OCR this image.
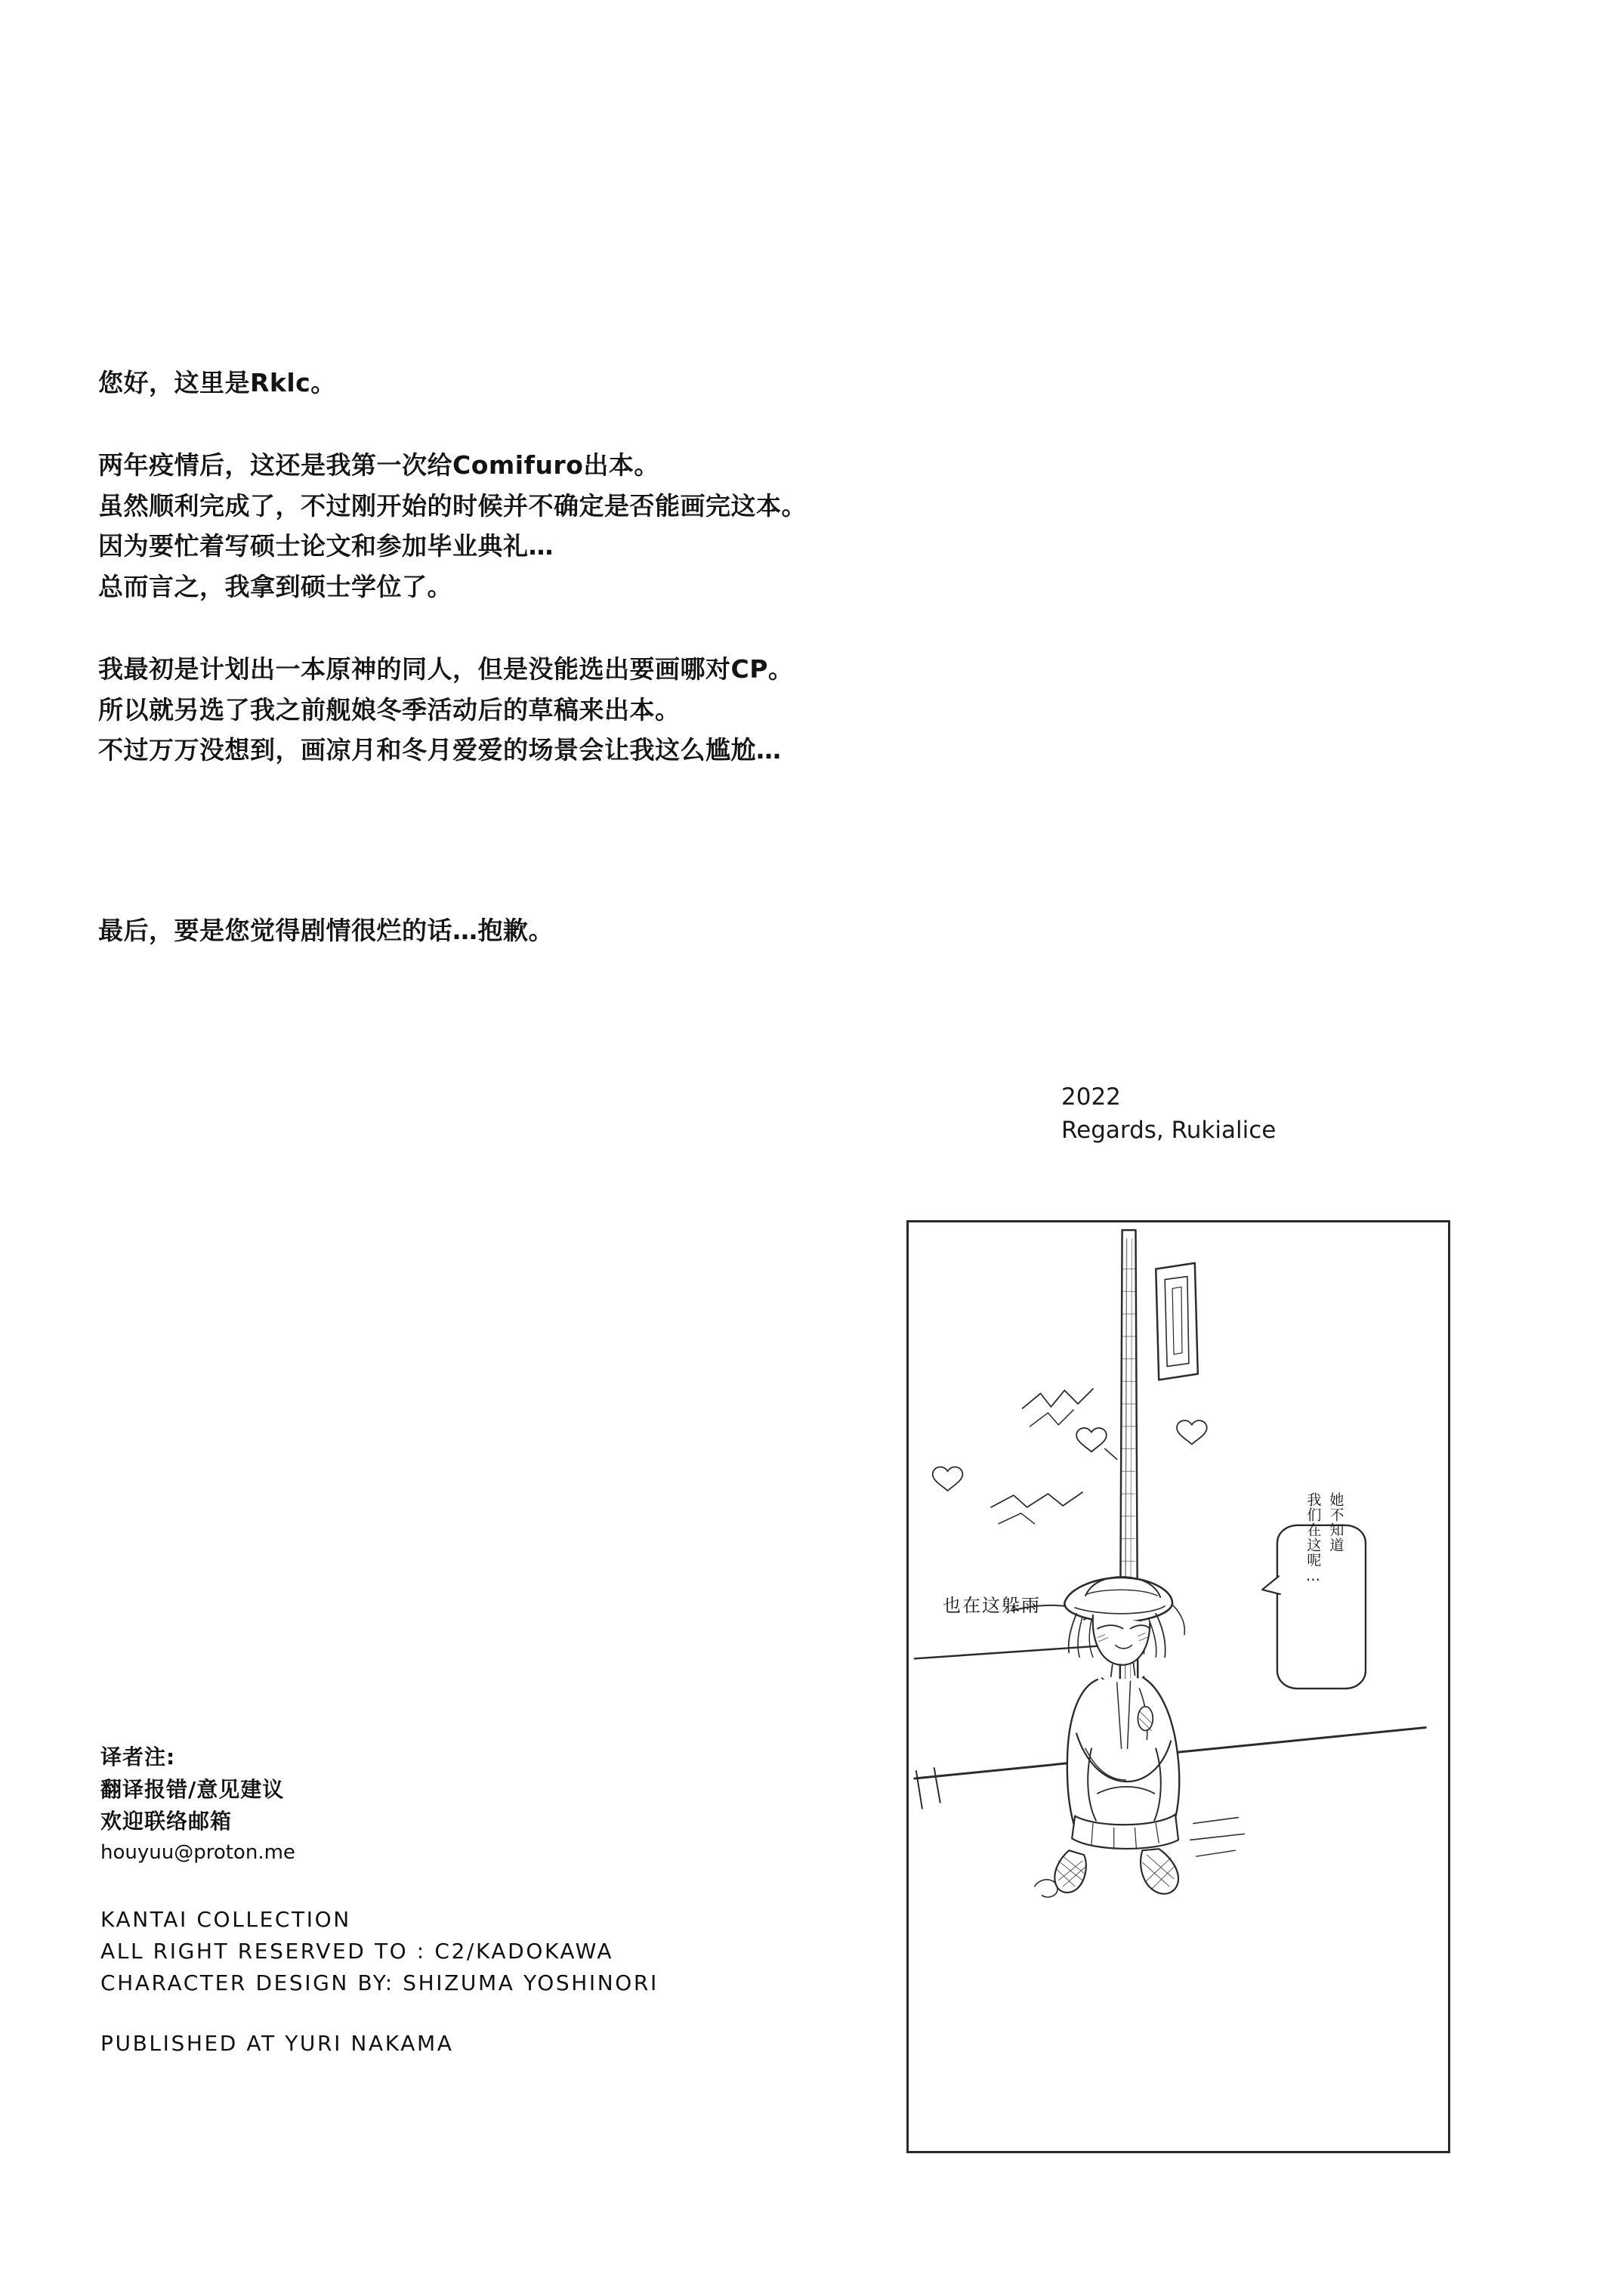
您好，这里是Rklc。

两年疫情后，这还是我第一次给Comifuro出本。

虽然顺利完成了，不过刚开始的时候并不确定是否能画完这本。

因为要忙着写硕士论文和参加毕业典礼…

总而言之，我拿到硕士学位了。

我最初是计划出一本原神的同人，但是没能选出要画哪对CP。

所以就另选了我之前舰娘冬季活动后的草稿来出本。

不过万万没想到，画凉月和冬月爱爱的场景会让我这么尴尬…

最后，要是您觉得剧情很烂的话…抱歉。

2022
Regards, Rukialice
她不知道
我们在这呢…
也在这躲雨
译者注:
翻译报错/意见建议
欢迎联络邮箱
houyuu@proton.me
KANTAI COLLECTION
ALL RIGHT RESERVED TO : C2/KADOKAWA
CHARACTER DESIGN BY: SHIZUMA YOSHINORI
PUBLISHED AT YURI NAKAMA
